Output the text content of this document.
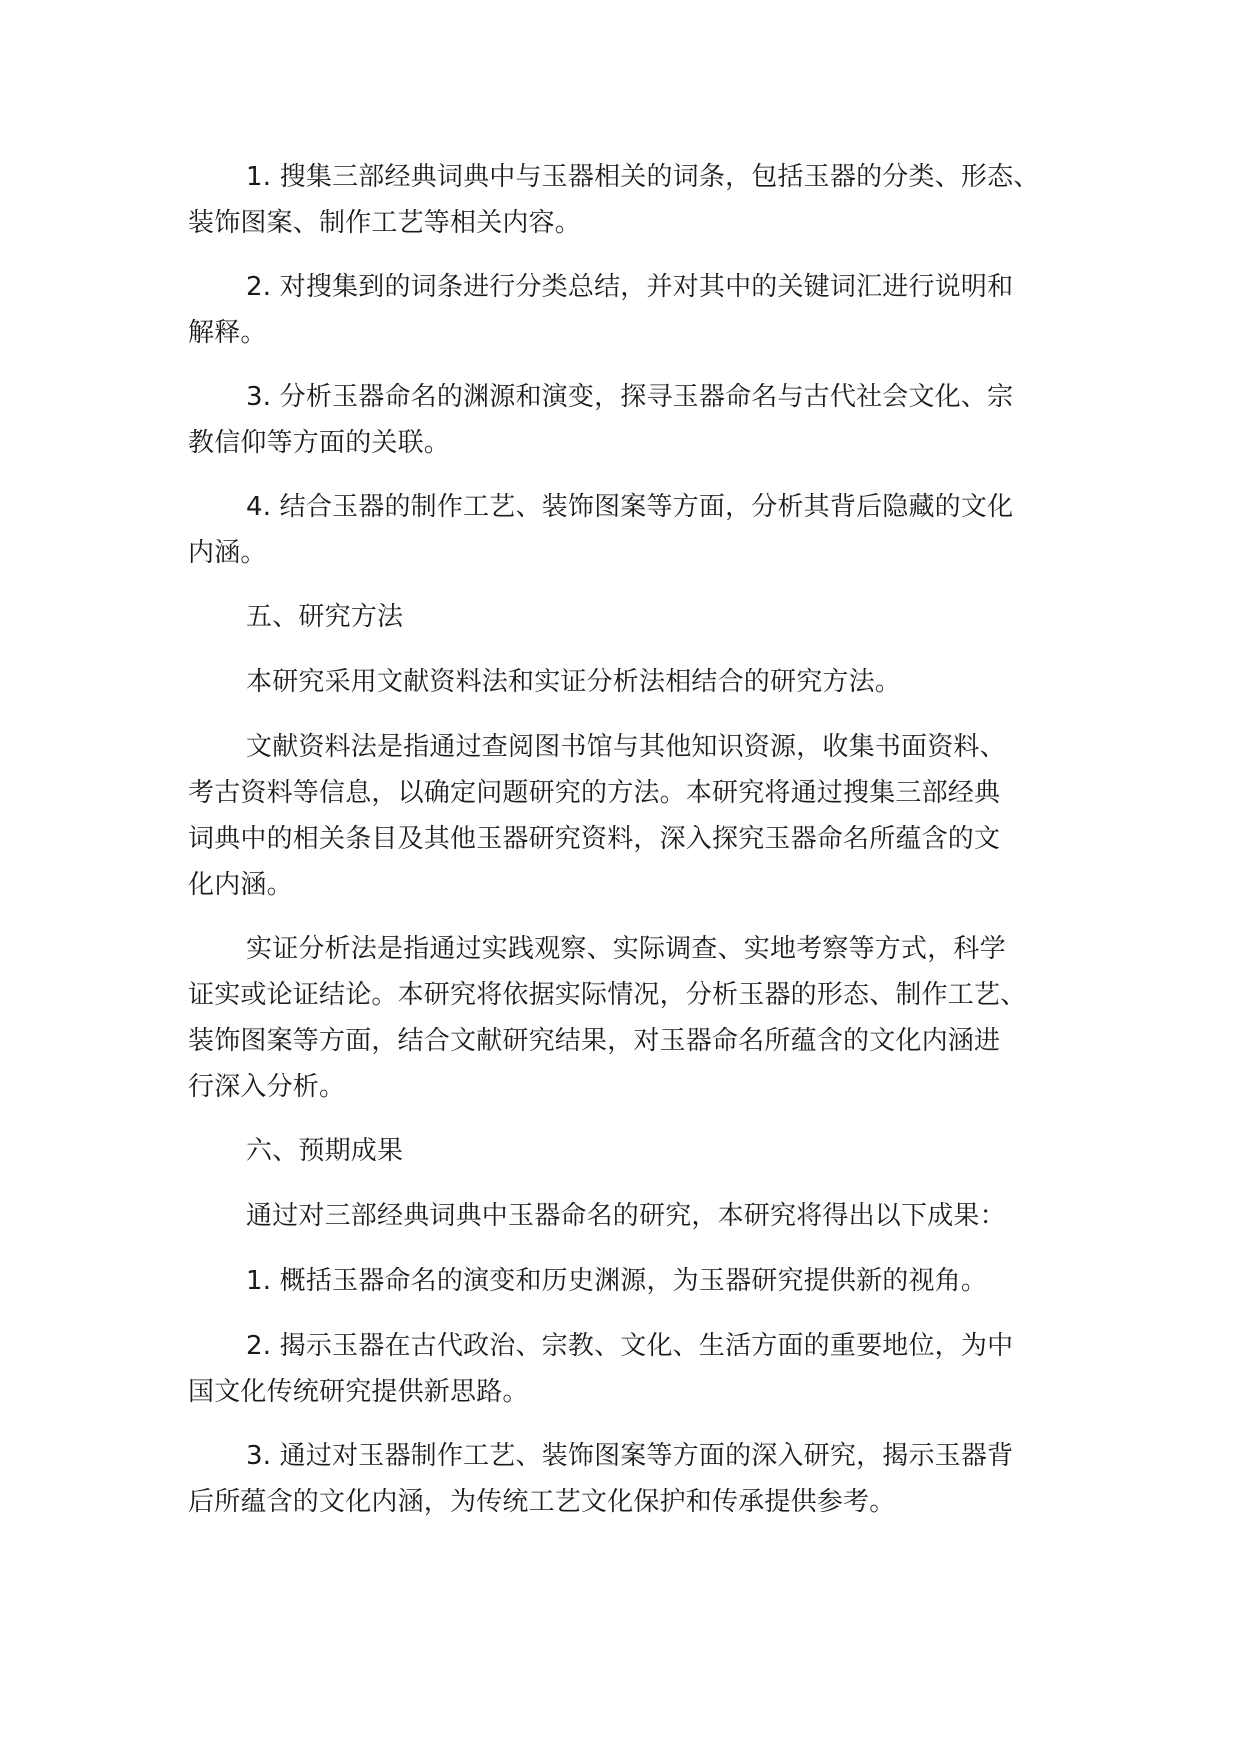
1. 搜集三部经典词典中与玉器相关的词条，包括玉器的分类、形态、
装饰图案、制作工艺等相关内容。
2. 对搜集到的词条进行分类总结，并对其中的关键词汇进行说明和
解释。
3. 分析玉器命名的渊源和演变，探寻玉器命名与古代社会文化、宗
教信仰等方面的关联。
4. 结合玉器的制作工艺、装饰图案等方面，分析其背后隐藏的文化
内涵。
五、研究方法
本研究采用文献资料法和实证分析法相结合的研究方法。
文献资料法是指通过查阅图书馆与其他知识资源，收集书面资料、
考古资料等信息，以确定问题研究的方法。本研究将通过搜集三部经典
词典中的相关条目及其他玉器研究资料，深入探究玉器命名所蕴含的文
化内涵。
实证分析法是指通过实践观察、实际调查、实地考察等方式，科学
证实或论证结论。本研究将依据实际情况，分析玉器的形态、制作工艺、
装饰图案等方面，结合文献研究结果，对玉器命名所蕴含的文化内涵进
行深入分析。
六、预期成果
通过对三部经典词典中玉器命名的研究，本研究将得出以下成果：
1. 概括玉器命名的演变和历史渊源，为玉器研究提供新的视角。
2. 揭示玉器在古代政治、宗教、文化、生活方面的重要地位，为中
国文化传统研究提供新思路。
3. 通过对玉器制作工艺、装饰图案等方面的深入研究，揭示玉器背
后所蕴含的文化内涵，为传统工艺文化保护和传承提供参考。
